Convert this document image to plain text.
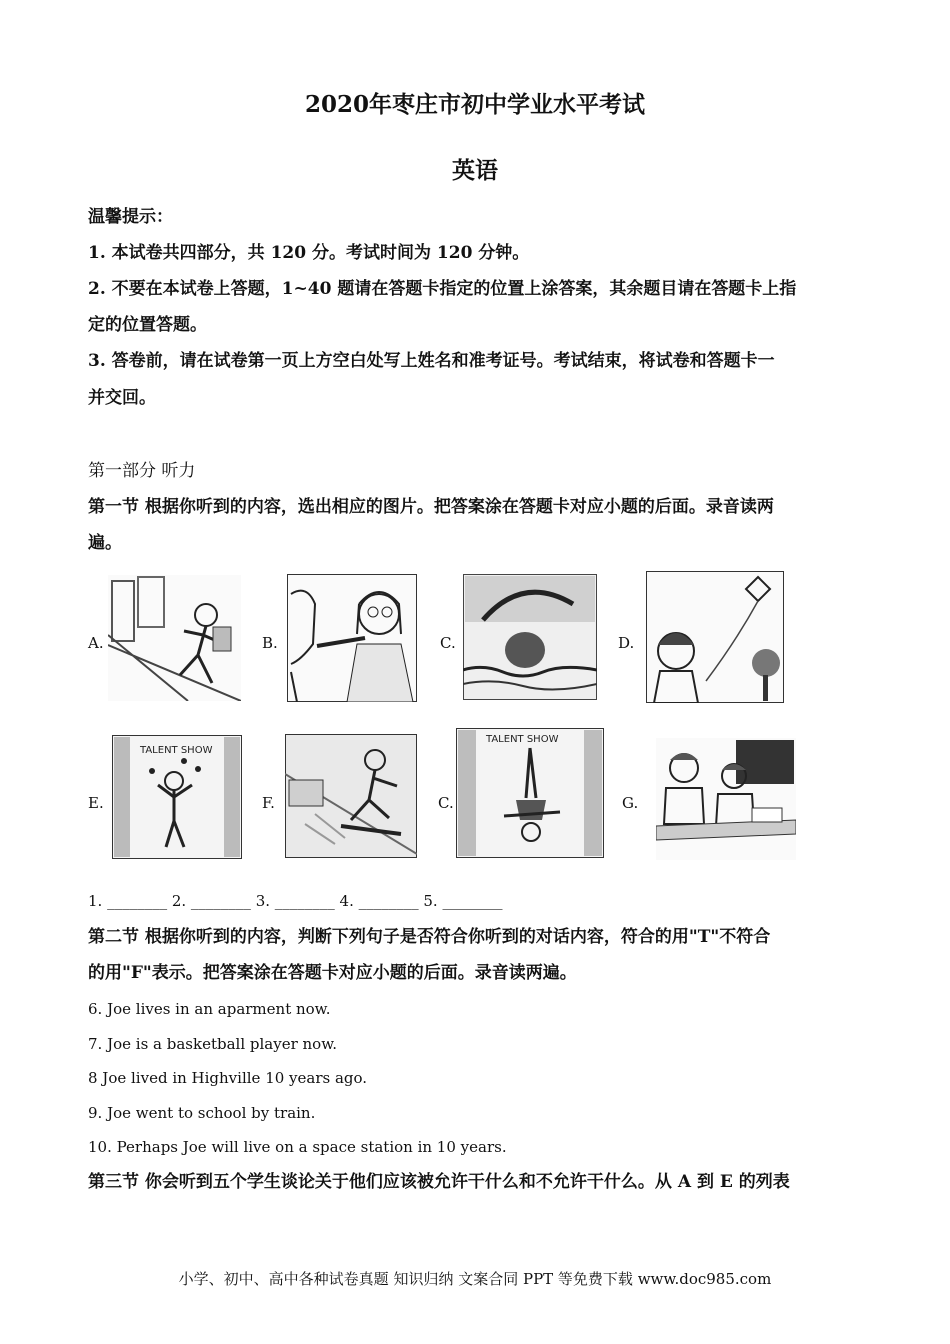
2020年枣庄市初中学业水平考试
英语
温馨提示：
1. 本试卷共四部分，共 120 分。考试时间为 120 分钟。
2. 不要在本试卷上答题，1~40 题请在答题卡指定的位置上涂答案，其余题目请在答题卡上指
定的位置答题。
3. 答卷前，请在试卷第一页上方空白处写上姓名和准考证号。考试结束，将试卷和答题卡一
并交回。
第一部分 听力
第一节 根据你听到的内容，选出相应的图片。把答案涂在答题卡对应小题的后面。录音读两
遍。
A.	B.	C.	D.
E.
TALENT SHOW
F.	C.
TALENT SHOW
G.
1. ________ 2. ________ 3. ________ 4. ________ 5. ________
第二节 根据你听到的内容，判断下列句子是否符合你听到的对话内容，符合的用"T"不符合
的用"F"表示。把答案涂在答题卡对应小题的后面。录音读两遍。
6. Joe lives in an aparment now.
7. Joe is a basketball player now.
8 Joe lived in Highville 10 years ago.
9. Joe went to school by train.
10. Perhaps Joe will live on a space station in 10 years.
第三节 你会听到五个学生谈论关于他们应该被允许干什么和不允许干什么。从 A 到 E 的列表
小学、初中、高中各种试卷真题 知识归纳 文案合同 PPT 等免费下载 www.doc985.com
